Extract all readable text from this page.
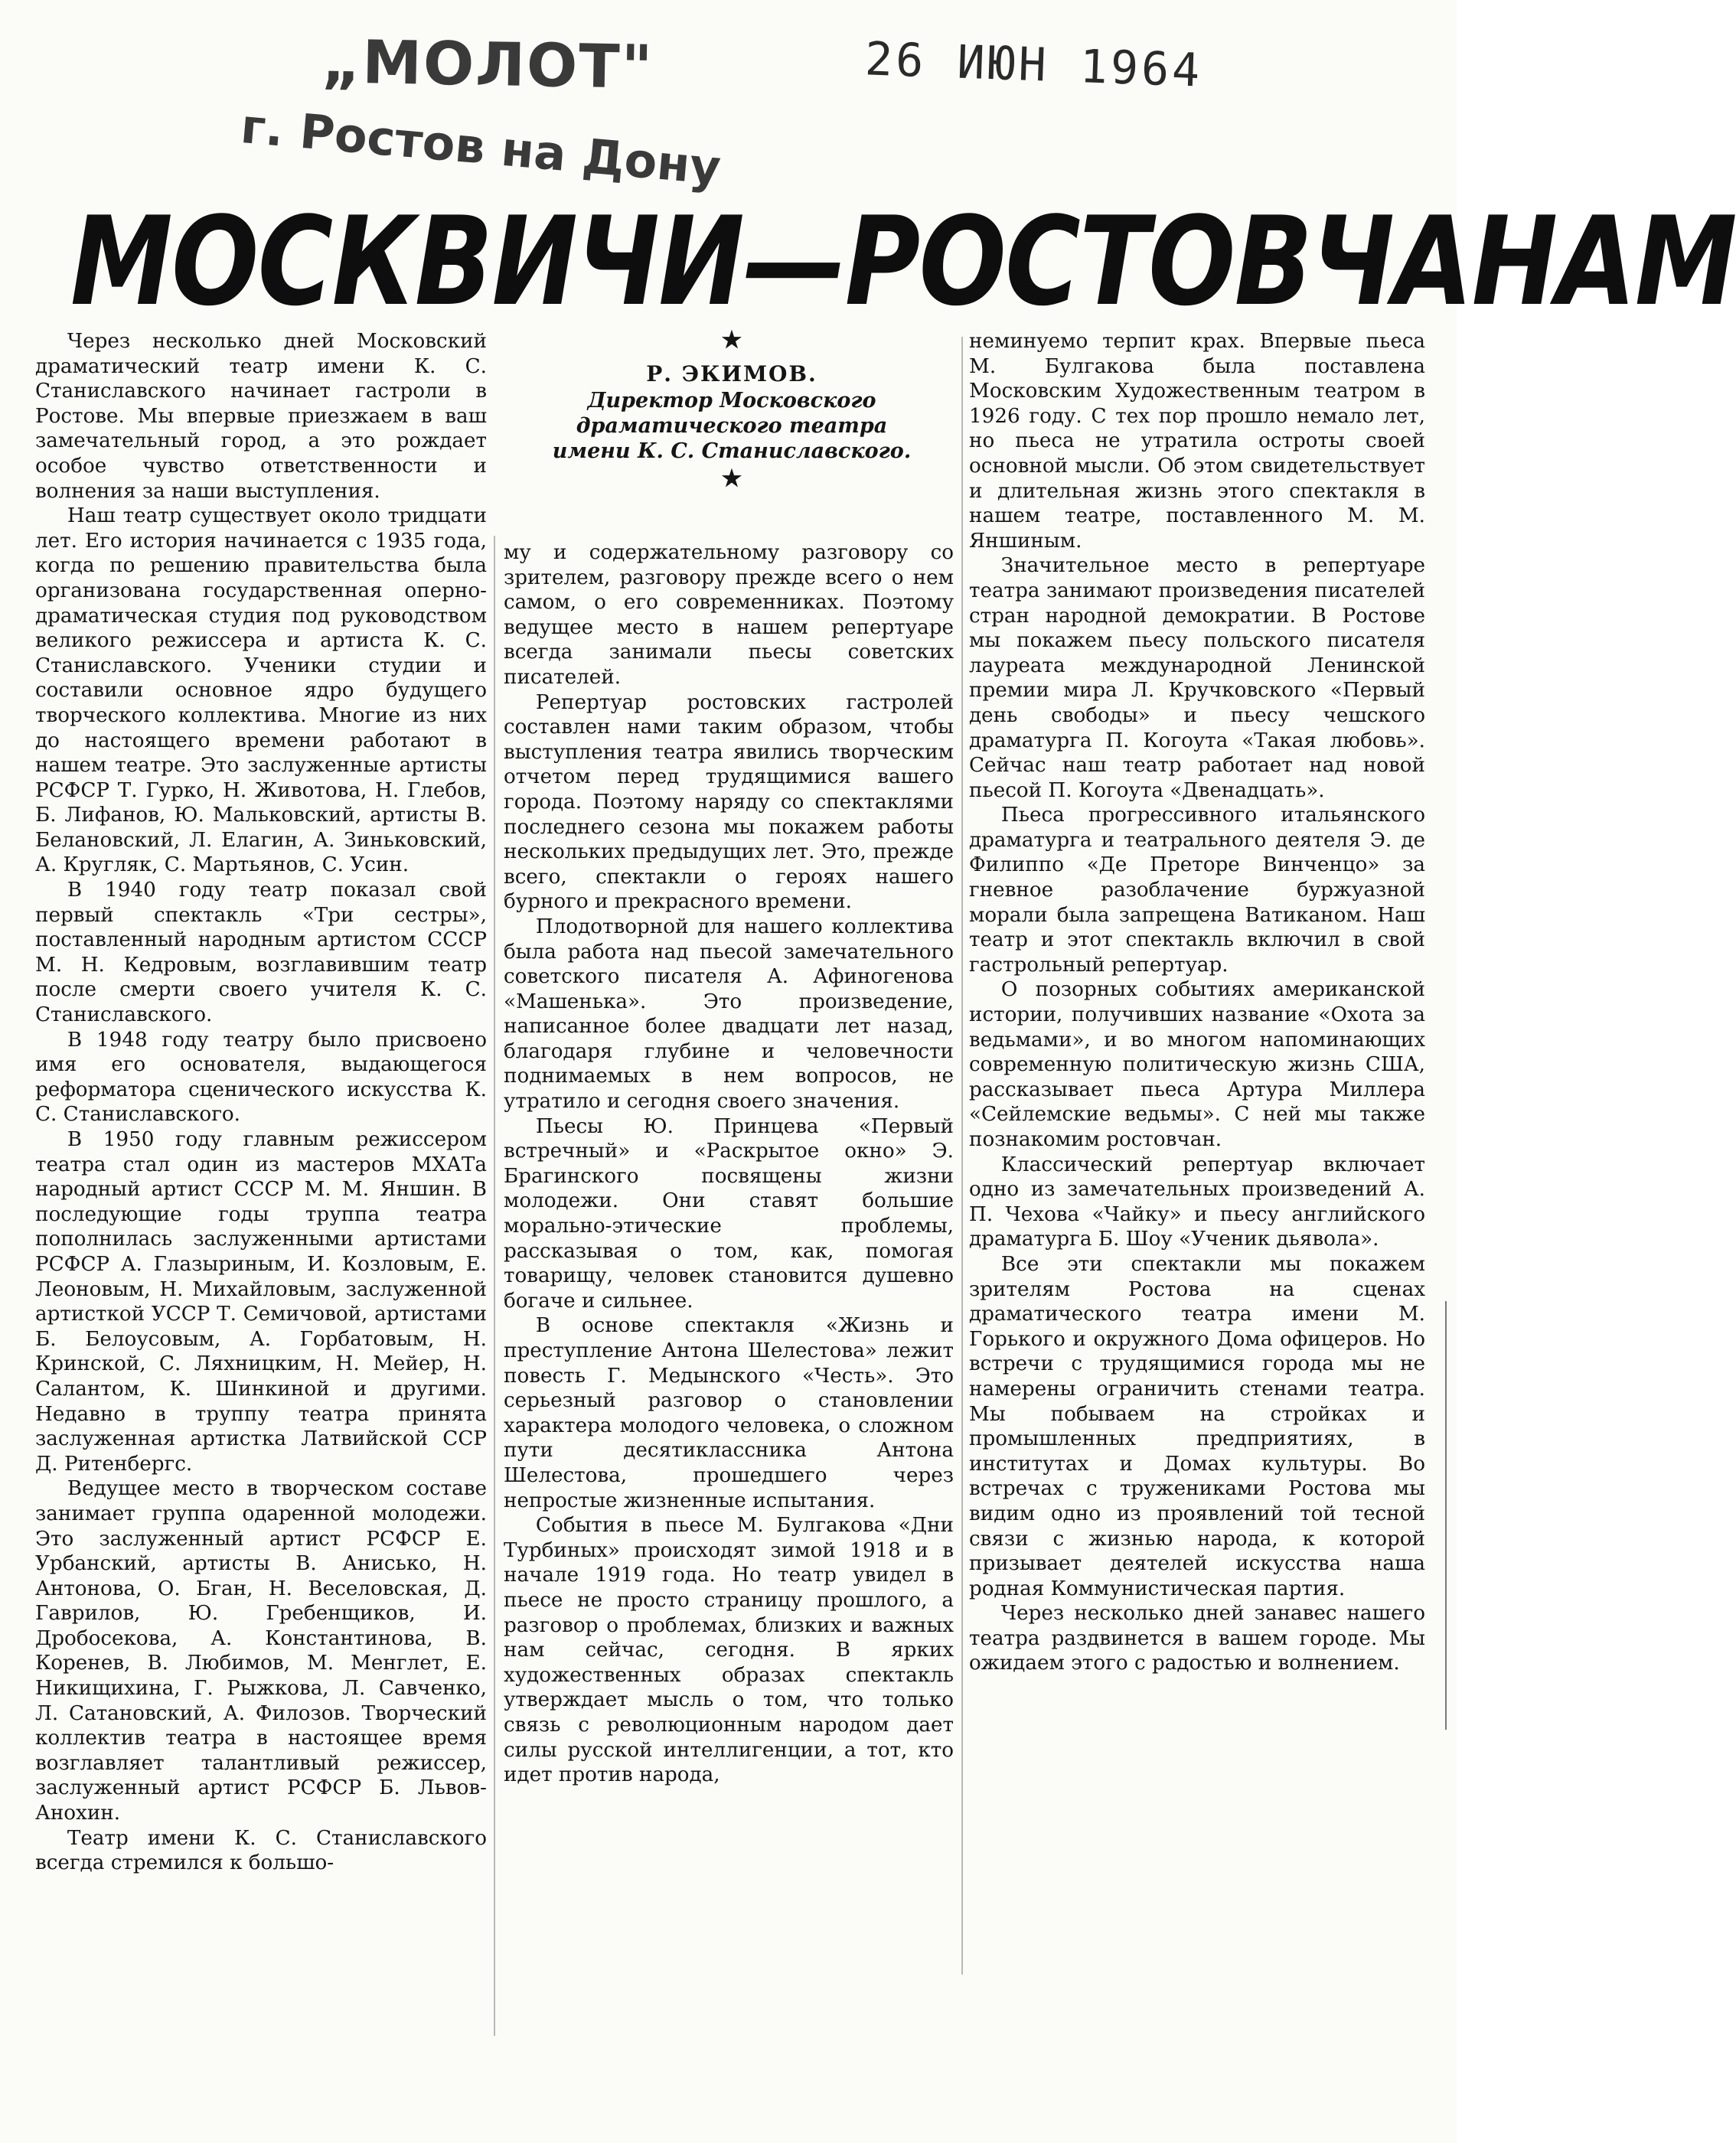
„МОЛОТ"
г. Ростов на Дону
26 ИЮН 1964
МОСКВИЧИ—РОСТОВЧАНАМ
★
Р. ЭКИМОВ.
Директор Московского
драматического театра
имени К. С. Станиславского.
★

Через несколько дней Московский драматический театр имени К. С. Станиславского начинает гастроли в Ростове. Мы впервые приезжаем в ваш замечательный город, а это рождает особое чувство ответственности и волнения за наши выступления.

Наш театр существует около тридцати лет. Его история начинается с 1935 года, когда по решению правительства была организована государственная оперно-драматическая студия под руководством великого режиссера и артиста К. С. Станиславского. Ученики студии и составили основное ядро будущего творческого коллектива. Многие из них до настоящего времени работают в нашем театре. Это заслуженные артисты РСФСР Т. Гурко, Н. Животова, Н. Глебов, Б. Лифанов, Ю. Мальковский, артисты В. Белановский, Л. Елагин, А. Зиньковский, А. Кругляк, С. Мартьянов, С. Усин.

В 1940 году театр показал свой первый спектакль «Три сестры», поставленный народным артистом СССР М. Н. Кедровым, возглавившим театр после смерти своего учителя К. С. Станиславского.

В 1948 году театру было присвоено имя его основателя, выдающегося реформатора сценического искусства К. С. Станиславского.

В 1950 году главным режиссером театра стал один из мастеров МХАТа народный артист СССР М. М. Яншин. В последующие годы труппа театра пополнилась заслуженными артистами РСФСР А. Глазыриным, И. Козловым, Е. Леоновым, Н. Михайловым, заслуженной артисткой УССР Т. Семичовой, артистами Б. Белоусовым, А. Горбатовым, Н. Кринской, С. Ляхницким, Н. Мейер, Н. Салантом, К. Шинкиной и другими. Недавно в труппу театра принята заслуженная артистка Латвийской ССР Д. Ритенбергс.

Ведущее место в творческом составе занимает группа одаренной молодежи. Это заслуженный артист РСФСР Е. Урбанский, артисты В. Анисько, Н. Антонова, О. Бган, Н. Веселовская, Д. Гаврилов, Ю. Гребенщиков, И. Дробосекова, А. Константинова, В. Коренев, В. Любимов, М. Менглет, Е. Никищихина, Г. Рыжкова, Л. Савченко, Л. Сатановский, А. Филозов. Творческий коллектив театра в настоящее время возглавляет талантливый режиссер, заслуженный артист РСФСР Б. Львов-Анохин.

Театр имени К. С. Станиславского всегда стремился к большо-

му и содержательному разговору со зрителем, разговору прежде всего о нем самом, о его современниках. Поэтому ведущее место в нашем репертуаре всегда занимали пьесы советских писателей.

Репертуар ростовских гастролей составлен нами таким образом, чтобы выступления театра явились творческим отчетом перед трудящимися вашего города. Поэтому наряду со спектаклями последнего сезона мы покажем работы нескольких предыдущих лет. Это, прежде всего, спектакли о героях нашего бурного и прекрасного времени.

Плодотворной для нашего коллектива была работа над пьесой замечательного советского писателя А. Афиногенова «Машенька». Это произведение, написанное более двадцати лет назад, благодаря глубине и человечности поднимаемых в нем вопросов, не утратило и сегодня своего значения.

Пьесы Ю. Принцева «Первый встречный» и «Раскрытое окно» Э. Брагинского посвящены жизни молодежи. Они ставят большие морально-этические проблемы, рассказывая о том, как, помогая товарищу, человек становится душевно богаче и сильнее.

В основе спектакля «Жизнь и преступление Антона Шелестова» лежит повесть Г. Медынского «Честь». Это серьезный разговор о становлении характера молодого человека, о сложном пути десятиклассника Антона Шелестова, прошедшего через непростые жизненные испытания.

События в пьесе М. Булгакова «Дни Турбиных» происходят зимой 1918 и в начале 1919 года. Но театр увидел в пьесе не просто страницу прошлого, а разговор о проблемах, близких и важных нам сейчас, сегодня. В ярких художественных образах спектакль утверждает мысль о том, что только связь с революционным народом дает силы русской интеллигенции, а тот, кто идет против народа,

неминуемо терпит крах. Впервые пьеса М. Булгакова была поставлена Московским Художественным театром в 1926 году. С тех пор прошло немало лет, но пьеса не утратила остроты своей основной мысли. Об этом свидетельствует и длительная жизнь этого спектакля в нашем театре, поставленного М. М. Яншиным.

Значительное место в репертуаре театра занимают произведения писателей стран народной демократии. В Ростове мы покажем пьесу польского писателя лауреата международной Ленинской премии мира Л. Кручковского «Первый день свободы» и пьесу чешского драматурга П. Когоута «Такая любовь». Сейчас наш театр работает над новой пьесой П. Когоута «Двенадцать».

Пьеса прогрессивного итальянского драматурга и театрального деятеля Э. де Филиппо «Де Преторе Винченцо» за гневное разоблачение буржуазной морали была запрещена Ватиканом. Наш театр и этот спектакль включил в свой гастрольный репертуар.

О позорных событиях американской истории, получивших название «Охота за ведьмами», и во многом напоминающих современную политическую жизнь США, рассказывает пьеса Артура Миллера «Сейлемские ведьмы». С ней мы также познакомим ростовчан.

Классический репертуар включает одно из замечательных произведений А. П. Чехова «Чайку» и пьесу английского драматурга Б. Шоу «Ученик дьявола».

Все эти спектакли мы покажем зрителям Ростова на сценах драматического театра имени М. Горького и окружного Дома офицеров. Но встречи с трудящимися города мы не намерены ограничить стенами театра. Мы побываем на стройках и промышленных предприятиях, в институтах и Домах культуры. Во встречах с тружениками Ростова мы видим одно из проявлений той тесной связи с жизнью народа, к которой призывает деятелей искусства наша родная Коммунистическая партия.

Через несколько дней занавес нашего театра раздвинется в вашем городе. Мы ожидаем этого с радостью и волнением.
